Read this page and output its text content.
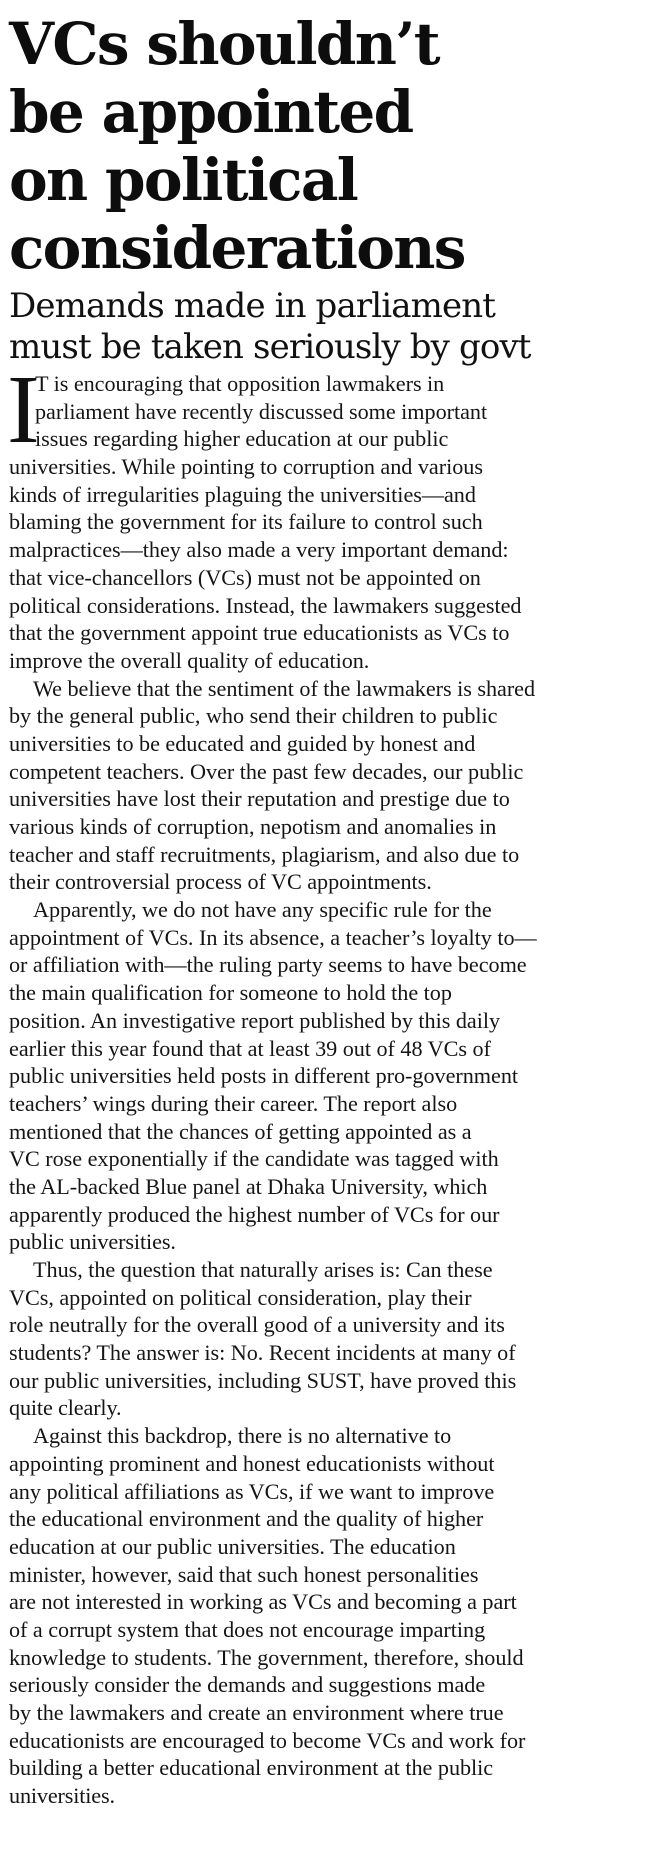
VCs shouldn’t
be appointed
on political
considerations
Demands made in parliament
must be taken seriously by govt
I
T is encouraging that opposition lawmakers in
parliament have recently discussed some important
issues regarding higher education at our public
universities. While pointing to corruption and various
kinds of irregularities plaguing the universities—and
blaming the government for its failure to control such
malpractices—they also made a very important demand:
that vice-chancellors (VCs) must not be appointed on
political considerations. Instead, the lawmakers suggested
that the government appoint true educationists as VCs to
improve the overall quality of education.
We believe that the sentiment of the lawmakers is shared
by the general public, who send their children to public
universities to be educated and guided by honest and
competent teachers. Over the past few decades, our public
universities have lost their reputation and prestige due to
various kinds of corruption, nepotism and anomalies in
teacher and staff recruitments, plagiarism, and also due to
their controversial process of VC appointments.
Apparently, we do not have any specific rule for the
appointment of VCs. In its absence, a teacher’s loyalty to—
or affiliation with—the ruling party seems to have become
the main qualification for someone to hold the top
position. An investigative report published by this daily
earlier this year found that at least 39 out of 48 VCs of
public universities held posts in different pro-government
teachers’ wings during their career. The report also
mentioned that the chances of getting appointed as a
VC rose exponentially if the candidate was tagged with
the AL-backed Blue panel at Dhaka University, which
apparently produced the highest number of VCs for our
public universities.
Thus, the question that naturally arises is: Can these
VCs, appointed on political consideration, play their
role neutrally for the overall good of a university and its
students? The answer is: No. Recent incidents at many of
our public universities, including SUST, have proved this
quite clearly.
Against this backdrop, there is no alternative to
appointing prominent and honest educationists without
any political affiliations as VCs, if we want to improve
the educational environment and the quality of higher
education at our public universities. The education
minister, however, said that such honest personalities
are not interested in working as VCs and becoming a part
of a corrupt system that does not encourage imparting
knowledge to students. The government, therefore, should
seriously consider the demands and suggestions made
by the lawmakers and create an environment where true
educationists are encouraged to become VCs and work for
building a better educational environment at the public
universities.
